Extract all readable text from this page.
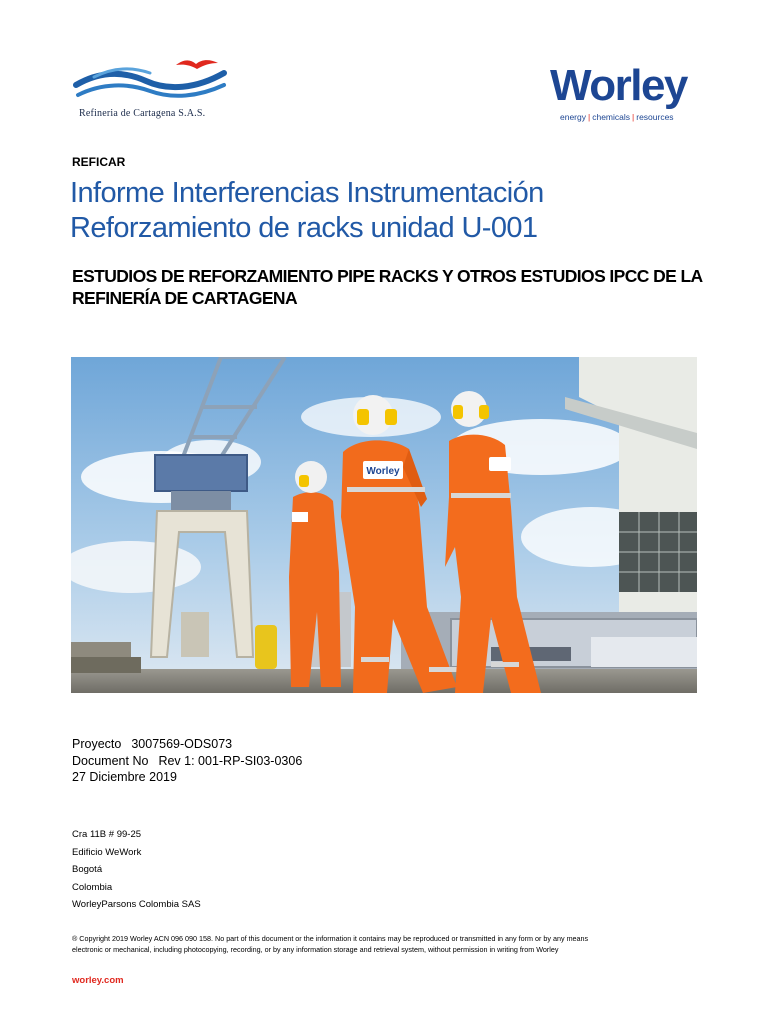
Refineria de Cartagena S.A.S.
Worley
energy | chemicals | resources
REFICAR
Informe Interferencias Instrumentación
Reforzamiento de racks unidad U-001
ESTUDIOS DE REFORZAMIENTO PIPE RACKS Y OTROS ESTUDIOS IPCC DE LA
REFINERÍA DE CARTAGENA
Worley
Proyecto 3007569-ODS073
Document No Rev 1: 001-RP-SI03-0306
27 Diciembre 2019
Cra 11B # 99-25
Edificio WeWork
Bogotá
Colombia
WorleyParsons Colombia SAS
® Copyright 2019 Worley ACN 096 090 158. No part of this document or the information it contains may be reproduced or transmitted in any form or by any means
electronic or mechanical, including photocopying, recording, or by any information storage and retrieval system, without permission in writing from Worley
worley.com
